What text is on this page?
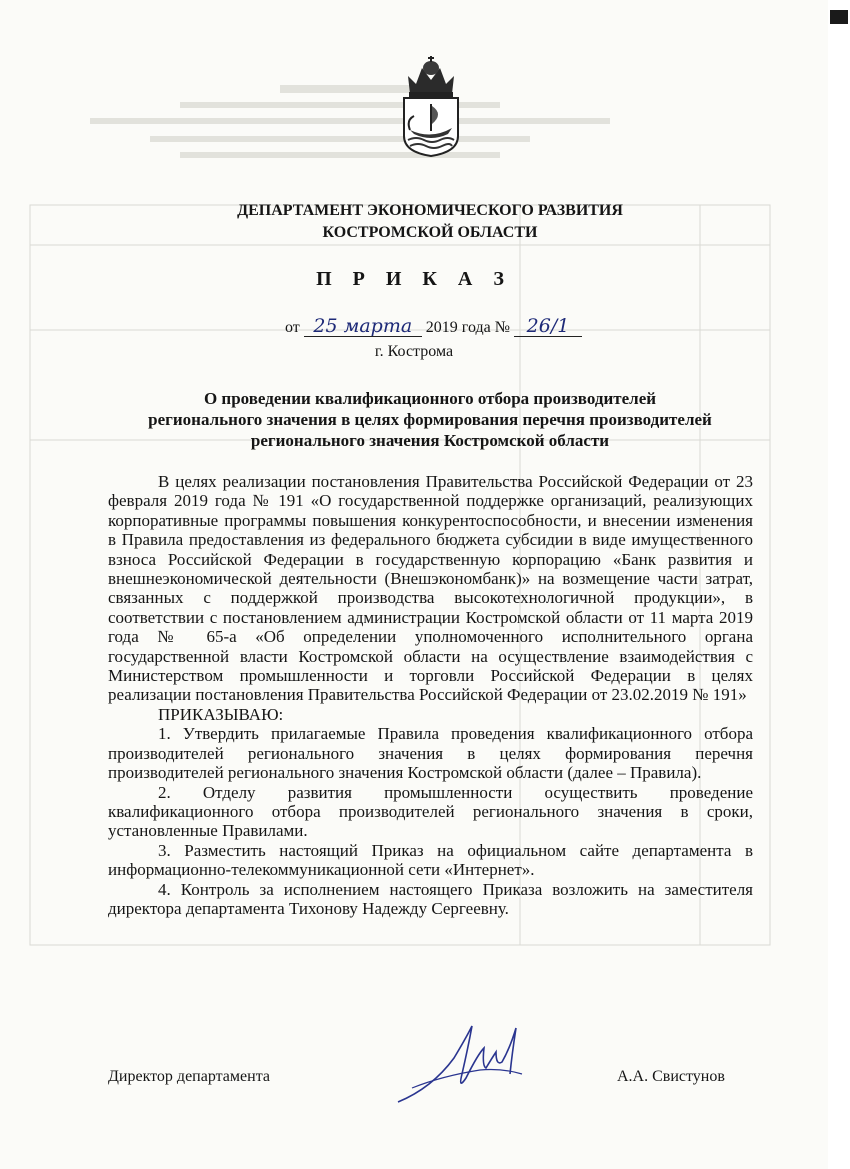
ДЕПАРТАМЕНТ ЭКОНОМИЧЕСКОГО РАЗВИТИЯ
КОСТРОМСКОЙ ОБЛАСТИ
П Р И К А З
от 25 марта 2019 года № 26/1
г. Кострома
О проведении квалификационного отбора производителей
регионального значения в целях формирования перечня производителей
регионального значения Костромской области

В целях реализации постановления Правительства Российской Федерации от 23 февраля 2019 года № 191 «О государственной поддержке организаций, реализующих корпоративные программы повышения конкурентоспособности, и внесении изменения в Правила предоставления из федерального бюджета субсидии в виде имущественного взноса Российской Федерации в государственную корпорацию «Банк развития и внешнеэкономической деятельности (Внешэкономбанк)» на возмещение части затрат, связанных с поддержкой производства высокотехнологичной продукции», в соответствии с постановлением администрации Костромской области от 11 марта 2019 года № 65-а «Об определении уполномоченного исполнительного органа государственной власти Костромской области на осуществление взаимодействия с Министерством промышленности и торговли Российской Федерации в целях реализации постановления Правительства Российской Федерации от 23.02.2019 № 191»

ПРИКАЗЫВАЮ:

1. Утвердить прилагаемые Правила проведения квалификационного отбора производителей регионального значения в целях формирования перечня производителей регионального значения Костромской области (далее – Правила).

2. Отделу развития промышленности осуществить проведение квалификационного отбора производителей регионального значения в сроки, установленные Правилами.

3. Разместить настоящий Приказ на официальном сайте департамента в информационно-телекоммуникационной сети «Интернет».

4. Контроль за исполнением настоящего Приказа возложить на заместителя директора департамента Тихонову Надежду Сергеевну.

Директор департамента	А.А. Свистунов
